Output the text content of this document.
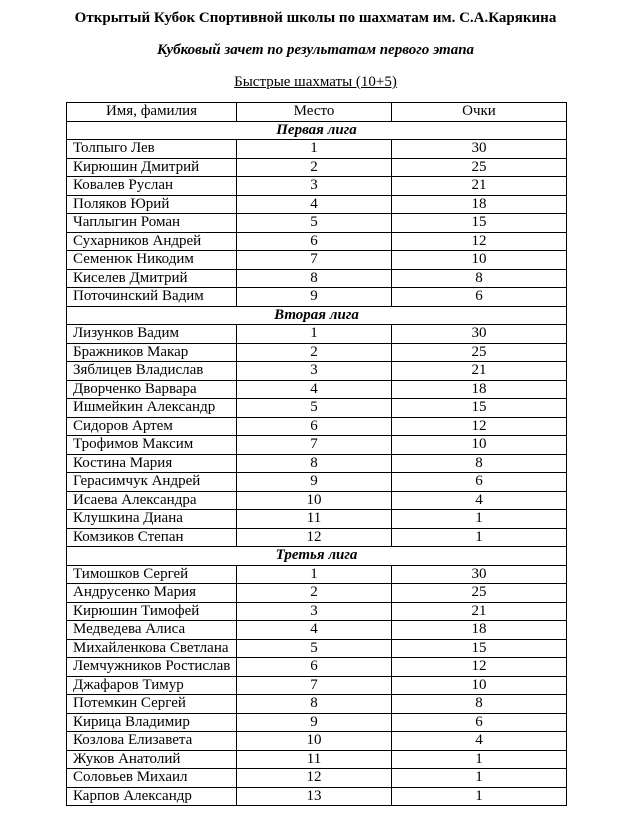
Открытый Кубок Спортивной школы по шахматам им. С.А.Карякина
Кубковый зачет по результатам первого этапа
Быстрые шахматы (10+5)
Имя, фамилия	Место	Очки
Первая лига		
Толпыго Лев	1	30
Кирюшин Дмитрий	2	25
Ковалев Руслан	3	21
Поляков Юрий	4	18
Чаплыгин Роман	5	15
Сухарников Андрей	6	12
Семенюк Никодим	7	10
Киселев Дмитрий	8	8
Поточинский Вадим	9	6
Вторая лига		
Лизунков Вадим	1	30
Бражников Макар	2	25
Зяблицев Владислав	3	21
Дворченко Варвара	4	18
Ишмейкин Александр	5	15
Сидоров Артем	6	12
Трофимов Максим	7	10
Костина Мария	8	8
Герасимчук Андрей	9	6
Исаева Александра	10	4
Клушкина Диана	11	1
Комзиков Степан	12	1
Третья лига		
Тимошков Сергей	1	30
Андрусенко Мария	2	25
Кирюшин Тимофей	3	21
Медведева Алиса	4	18
Михайленкова Светлана	5	15
Лемчужников Ростислав	6	12
Джафаров Тимур	7	10
Потемкин Сергей	8	8
Кирица Владимир	9	6
Козлова Елизавета	10	4
Жуков Анатолий	11	1
Соловьев Михаил	12	1
Карпов Александр	13	1
